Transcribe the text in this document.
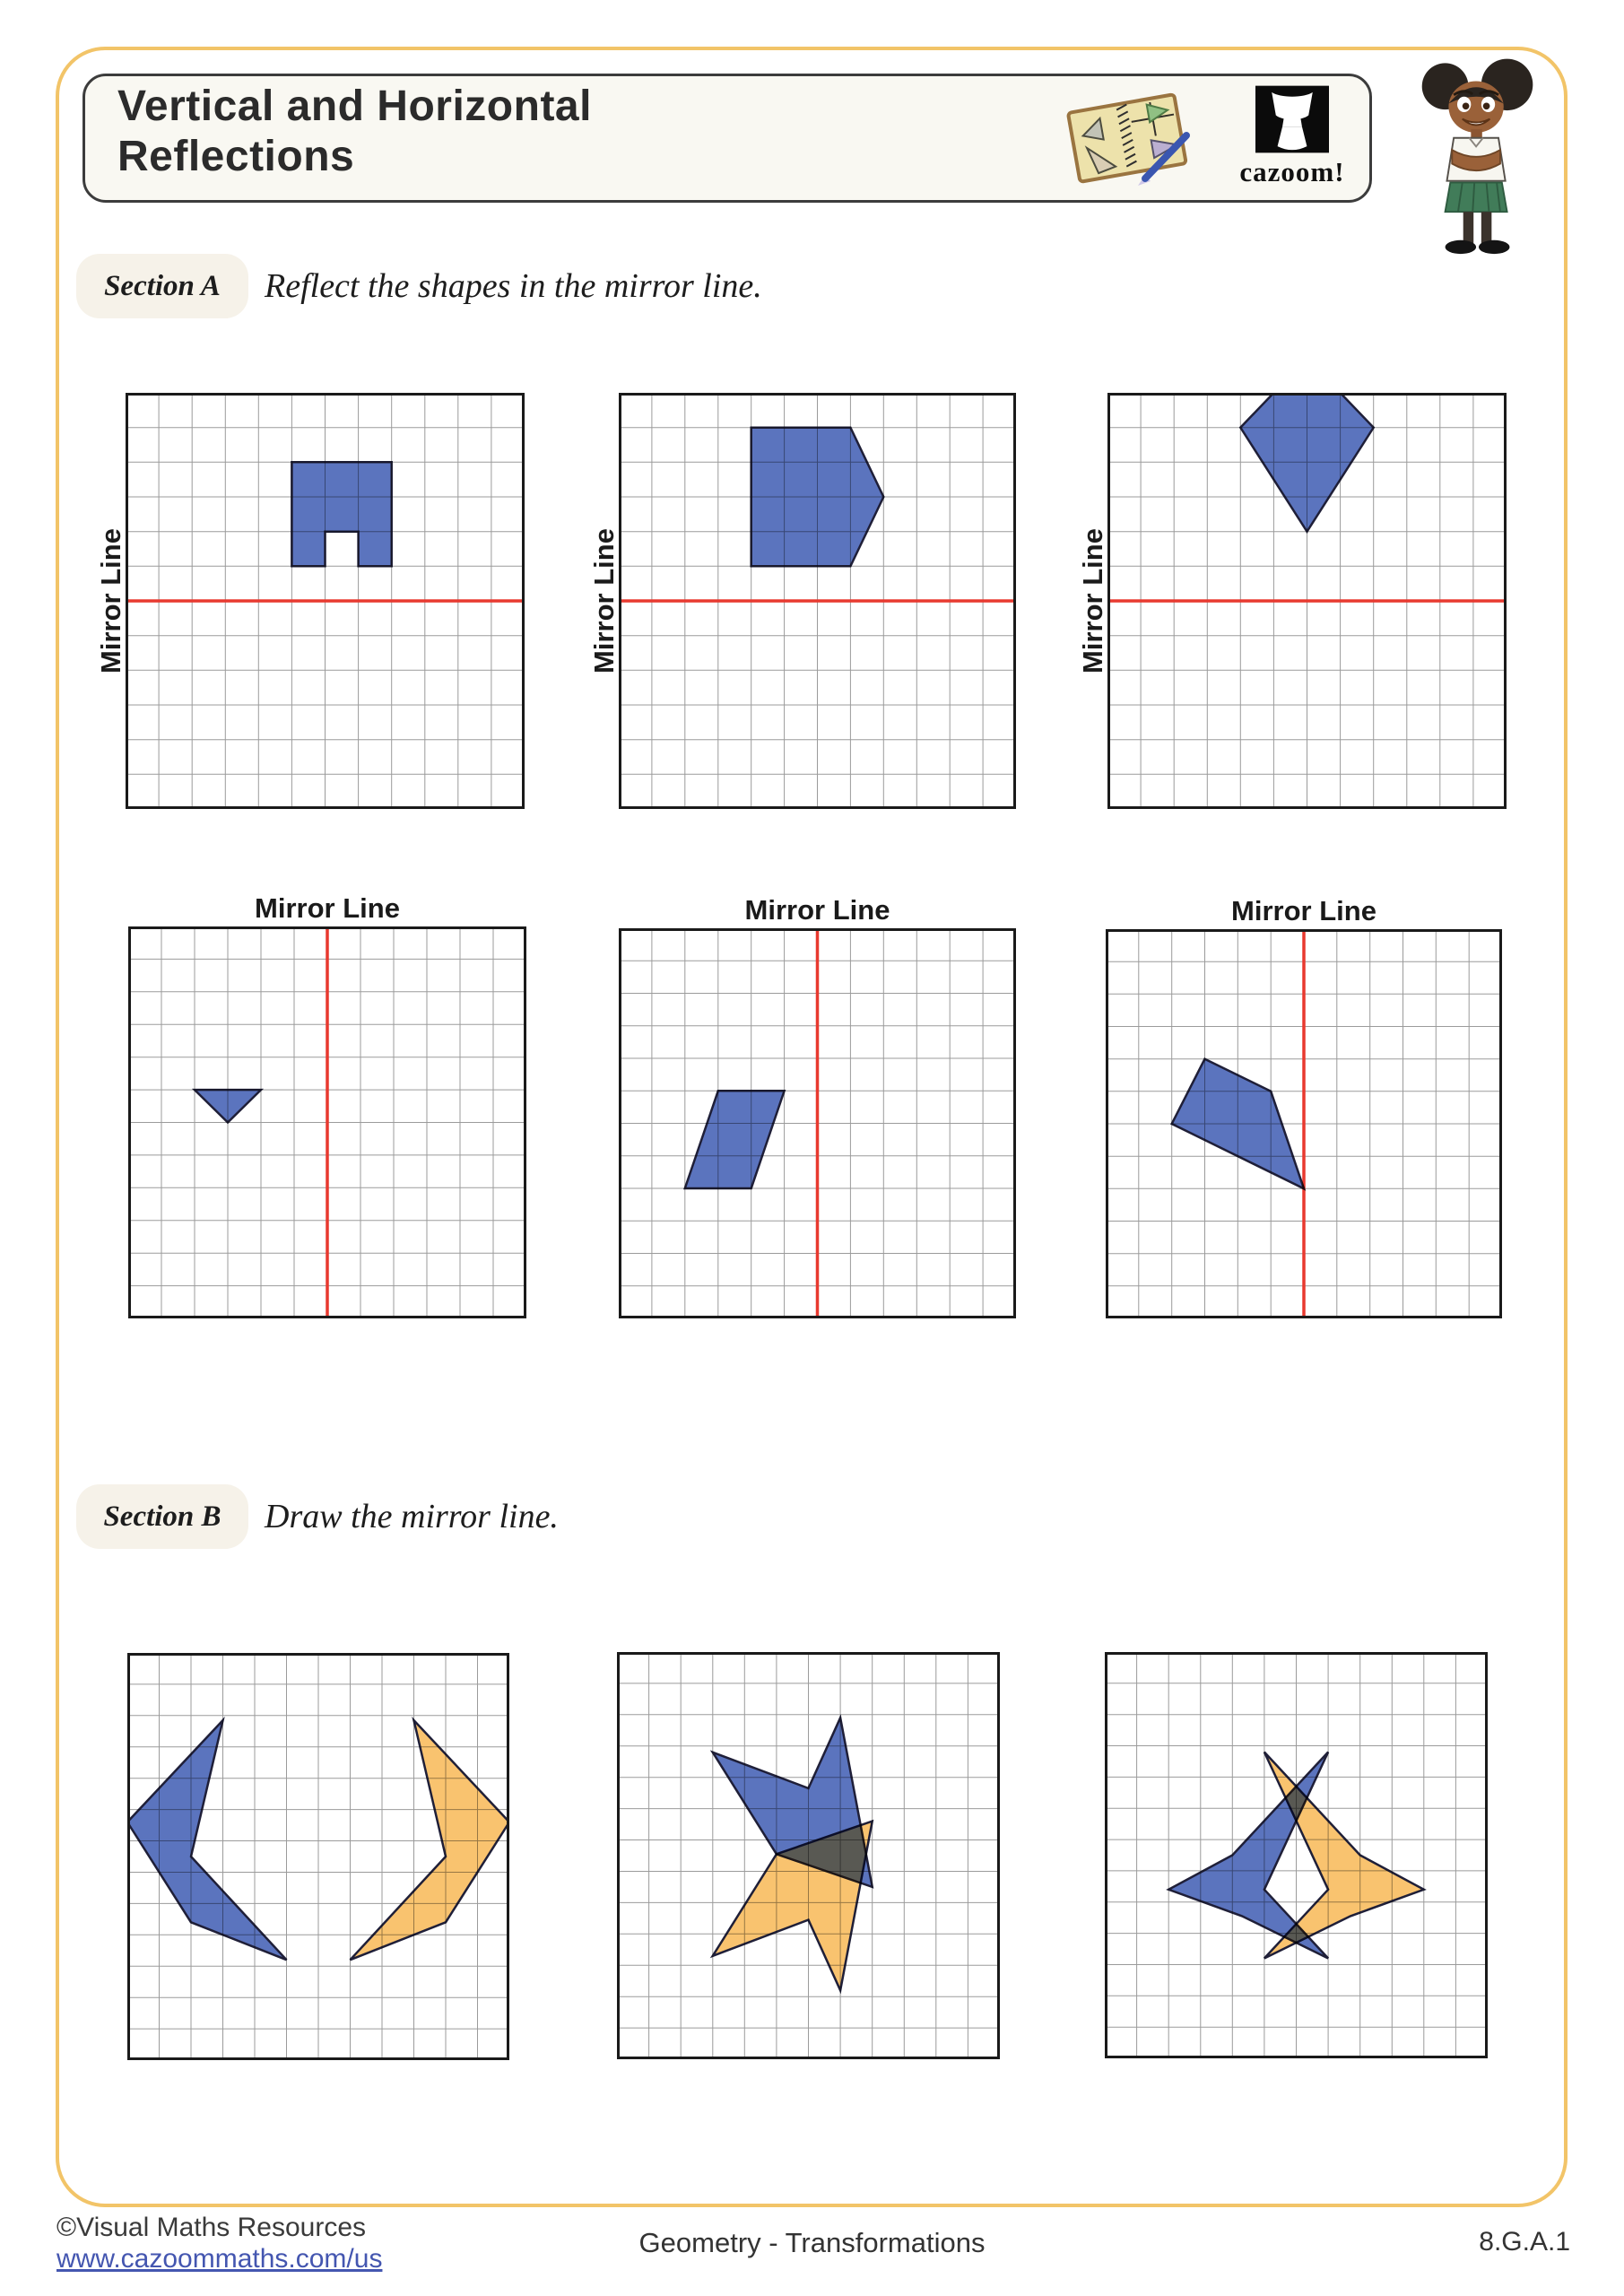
Vertical and Horizontal
Reflections	cazoom!
Section A Reflect the shapes in the mirror line.
Section B Draw the mirror line.
Mirror Line	Mirror Line	Mirror Line
Mirror Line	Mirror Line	Mirror Line
©Visual Maths Resources
www.cazoommaths.com/us
Geometry - Transformations	8.G.A.1
